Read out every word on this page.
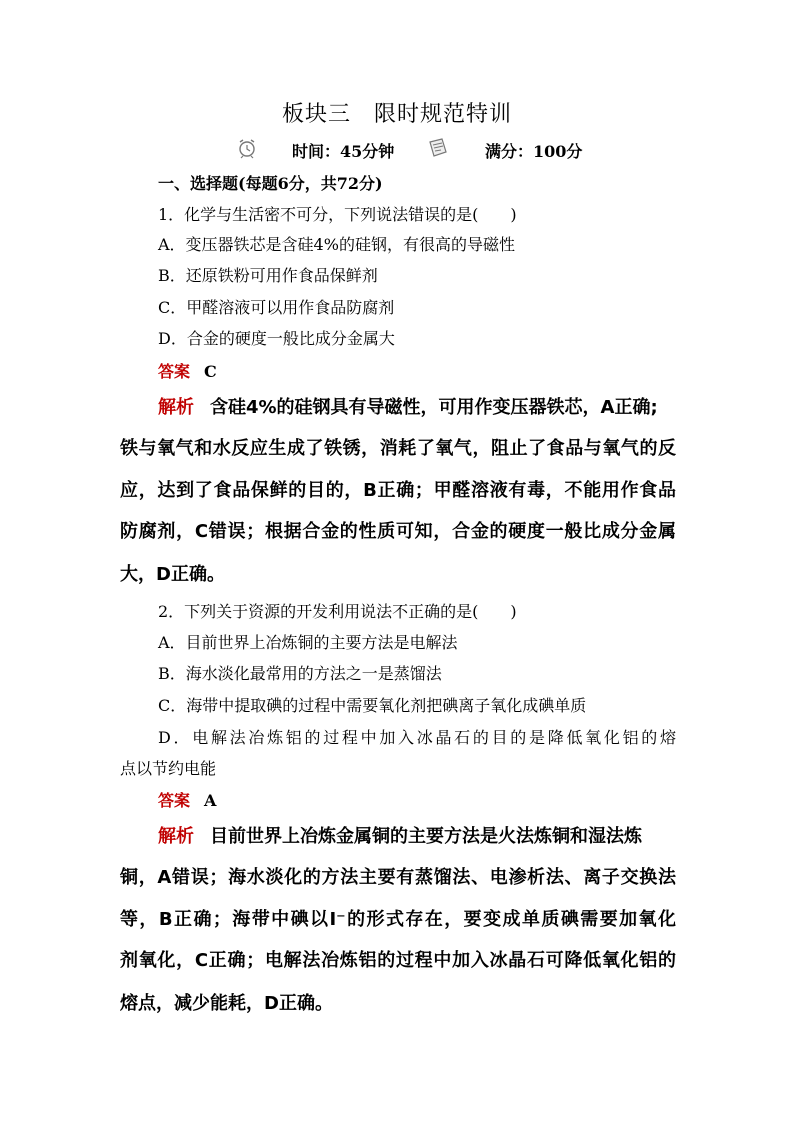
板块三　限时规范特训
时间：45分钟	满分：100分
一、选择题(每题6分，共72分)
1．化学与生活密不可分，下列说法错误的是(　　)
A．变压器铁芯是含硅4%的硅钢，有很高的导磁性
B．还原铁粉可用作食品保鲜剂
C．甲醛溶液可以用作食品防腐剂
D．合金的硬度一般比成分金属大
答案 C
解析 含硅4%的硅钢具有导磁性，可用作变压器铁芯，A正确;
铁与氧气和水反应生成了铁锈，消耗了氧气，阻止了食品与氧气的反
应，达到了食品保鲜的目的，B正确；甲醛溶液有毒，不能用作食品
防腐剂，C错误；根据合金的性质可知，合金的硬度一般比成分金属
大，D正确。
2．下列关于资源的开发利用说法不正确的是(　　)
A．目前世界上冶炼铜的主要方法是电解法
B．海水淡化最常用的方法之一是蒸馏法
C．海带中提取碘的过程中需要氧化剂把碘离子氧化成碘单质
D．电解法冶炼铝的过程中加入冰晶石的目的是降低氧化铝的熔
点以节约电能
答案 A
解析 目前世界上冶炼金属铜的主要方法是火法炼铜和湿法炼
铜，A错误；海水淡化的方法主要有蒸馏法、电渗析法、离子交换法
等，B正确；海带中碘以I⁻的形式存在，要变成单质碘需要加氧化
剂氧化，C正确；电解法冶炼铝的过程中加入冰晶石可降低氧化铝的
熔点，减少能耗，D正确。
